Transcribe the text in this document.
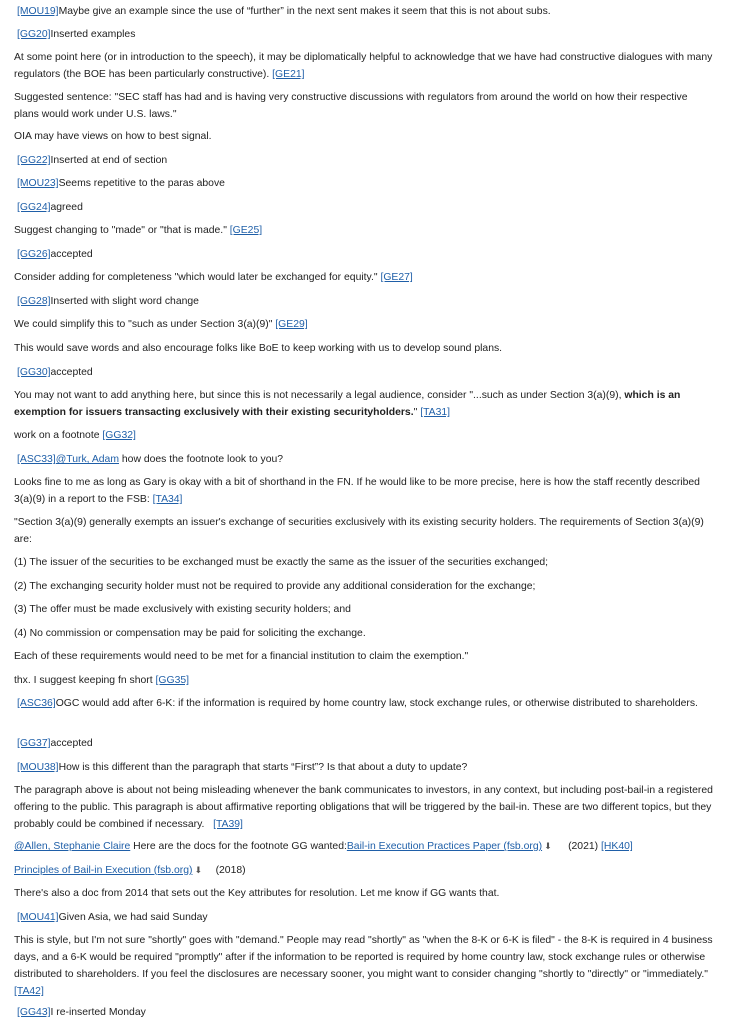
[MOU19]Maybe give an example since the use of “further” in the next sent makes it seem that this is not about subs.

[GG20]Inserted examples

At some point here (or in introduction to the speech), it may be diplomatically helpful to acknowledge that we have had constructive dialogues with many regulators (the BOE has been particularly constructive). [GE21]

Suggested sentence: "SEC staff has had and is having very constructive discussions with regulators from around the world on how their respective plans would work under U.S. laws."

OIA may have views on how to best signal.

[GG22]Inserted at end of section

[MOU23]Seems repetitive to the paras above

[GG24]agreed

Suggest changing to "made" or "that is made." [GE25]

[GG26]accepted

Consider adding for completeness "which would later be exchanged for equity." [GE27]

[GG28]Inserted with slight word change

We could simplify this to "such as under Section 3(a)(9)" [GE29]

This would save words and also encourage folks like BoE to keep working with us to develop sound plans.

[GG30]accepted

You may not want to add anything here, but since this is not necessarily a legal audience, consider "...such as under Section 3(a)(9), which is an exemption for issuers transacting exclusively with their existing securityholders." [TA31]

work on a footnote [GG32]

[ASC33]@Turk, Adam how does the footnote look to you?

Looks fine to me as long as Gary is okay with a bit of shorthand in the FN. If he would like to be more precise, here is how the staff recently described 3(a)(9) in a report to the FSB: [TA34]

"Section 3(a)(9) generally exempts an issuer's exchange of securities exclusively with its existing security holders. The requirements of Section 3(a)(9) are:

(1) The issuer of the securities to be exchanged must be exactly the same as the issuer of the securities exchanged;

(2) The exchanging security holder must not be required to provide any additional consideration for the exchange;

(3) The offer must be made exclusively with existing security holders; and

(4) No commission or compensation may be paid for soliciting the exchange.

Each of these requirements would need to be met for a financial institution to claim the exemption."

thx. I suggest keeping fn short [GG35]

[ASC36]OGC would add after 6-K: if the information is required by home country law, stock exchange rules, or otherwise distributed to shareholders.

[GG37]accepted

[MOU38]How is this different than the paragraph that starts “First”? Is that about a duty to update?

The paragraph above is about not being misleading whenever the bank communicates to investors, in any context, but including post-bail-in a registered offering to the public. This paragraph is about affirmative reporting obligations that will be triggered by the bail-in. These are two different topics, but they probably could be combined if necessary. [TA39]

@Allen, Stephanie Claire Here are the docs for the footnote GG wanted:Bail-in Execution Practices Paper (fsb.org) ⬇ (2021) [HK40]

Principles of Bail-in Execution (fsb.org) ⬇ (2018)

There's also a doc from 2014 that sets out the Key attributes for resolution. Let me know if GG wants that.

[MOU41]Given Asia, we had said Sunday

This is style, but I'm not sure "shortly" goes with "demand." People may read "shortly" as "when the 8-K or 6-K is filed" - the 8-K is required in 4 business days, and a 6-K would be required "promptly" after if the information to be reported is required by home country law, stock exchange rules or otherwise distributed to shareholders. If you feel the disclosures are necessary sooner, you might want to consider changing "shortly to "directly" or "immediately." [TA42]

[GG43]I re-inserted Monday
